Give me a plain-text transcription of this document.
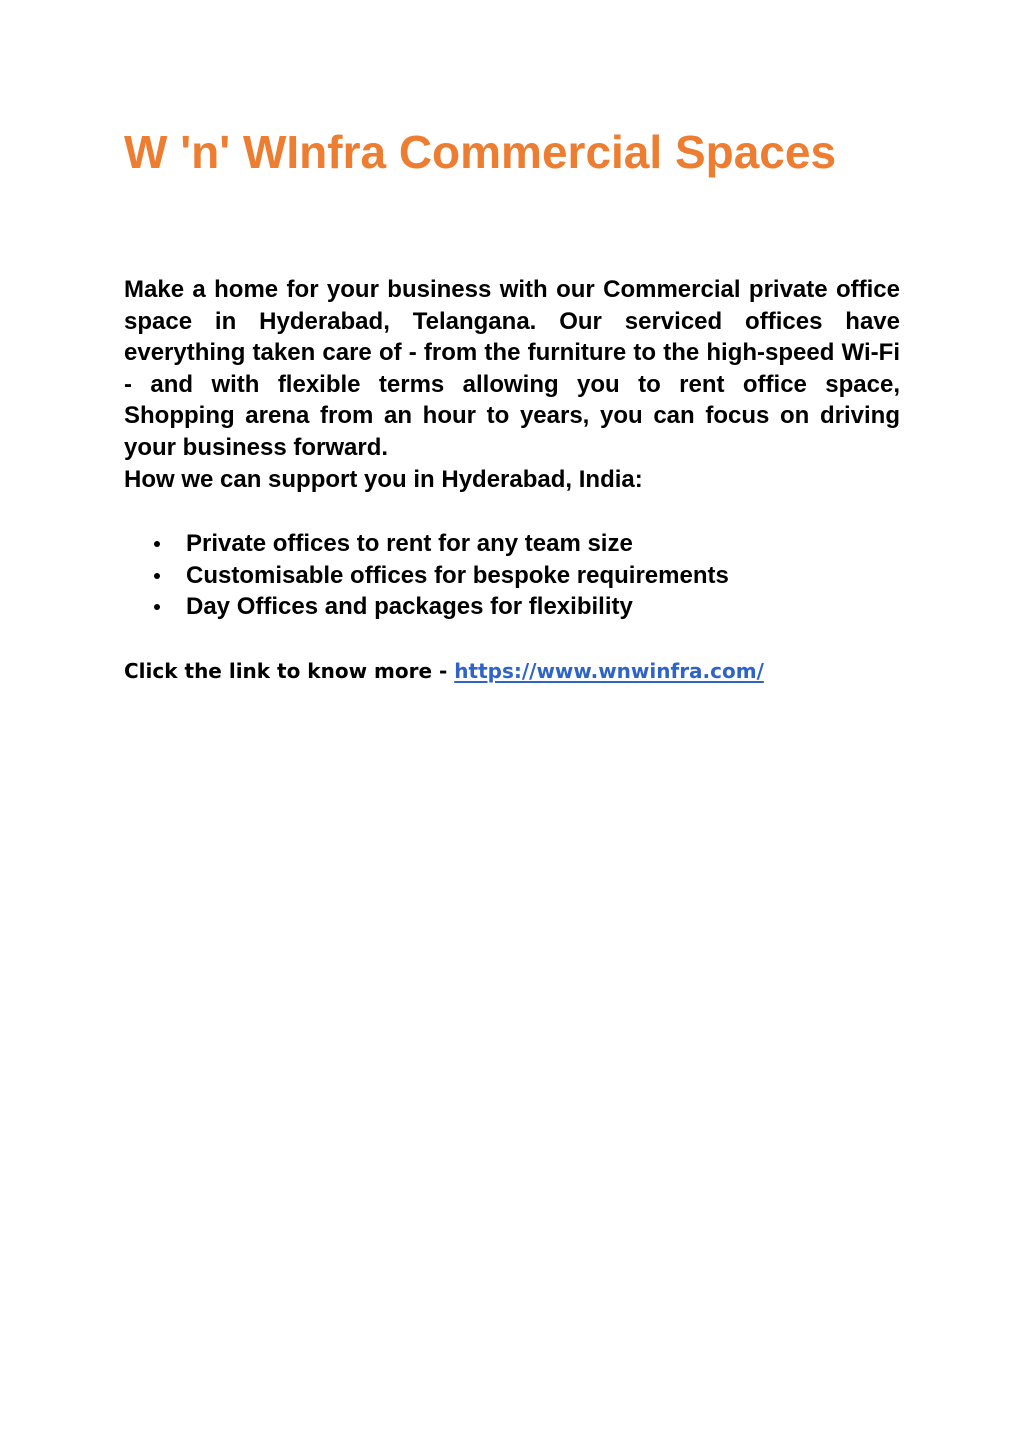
W 'n' WInfra Commercial Spaces

Make a home for your business with our Commercial private office space in Hyderabad, Telangana. Our serviced offices have everything taken care of - from the furniture to the high-speed Wi-Fi - and with flexible terms allowing you to rent office space, Shopping arena from an hour to years, you can focus on driving your business forward.

How we can support you in Hyderabad, India:

Private offices to rent for any team size
Customisable offices for bespoke requirements
Day Offices and packages for flexibility

Click the link to know more - https://www.wnwinfra.com/
